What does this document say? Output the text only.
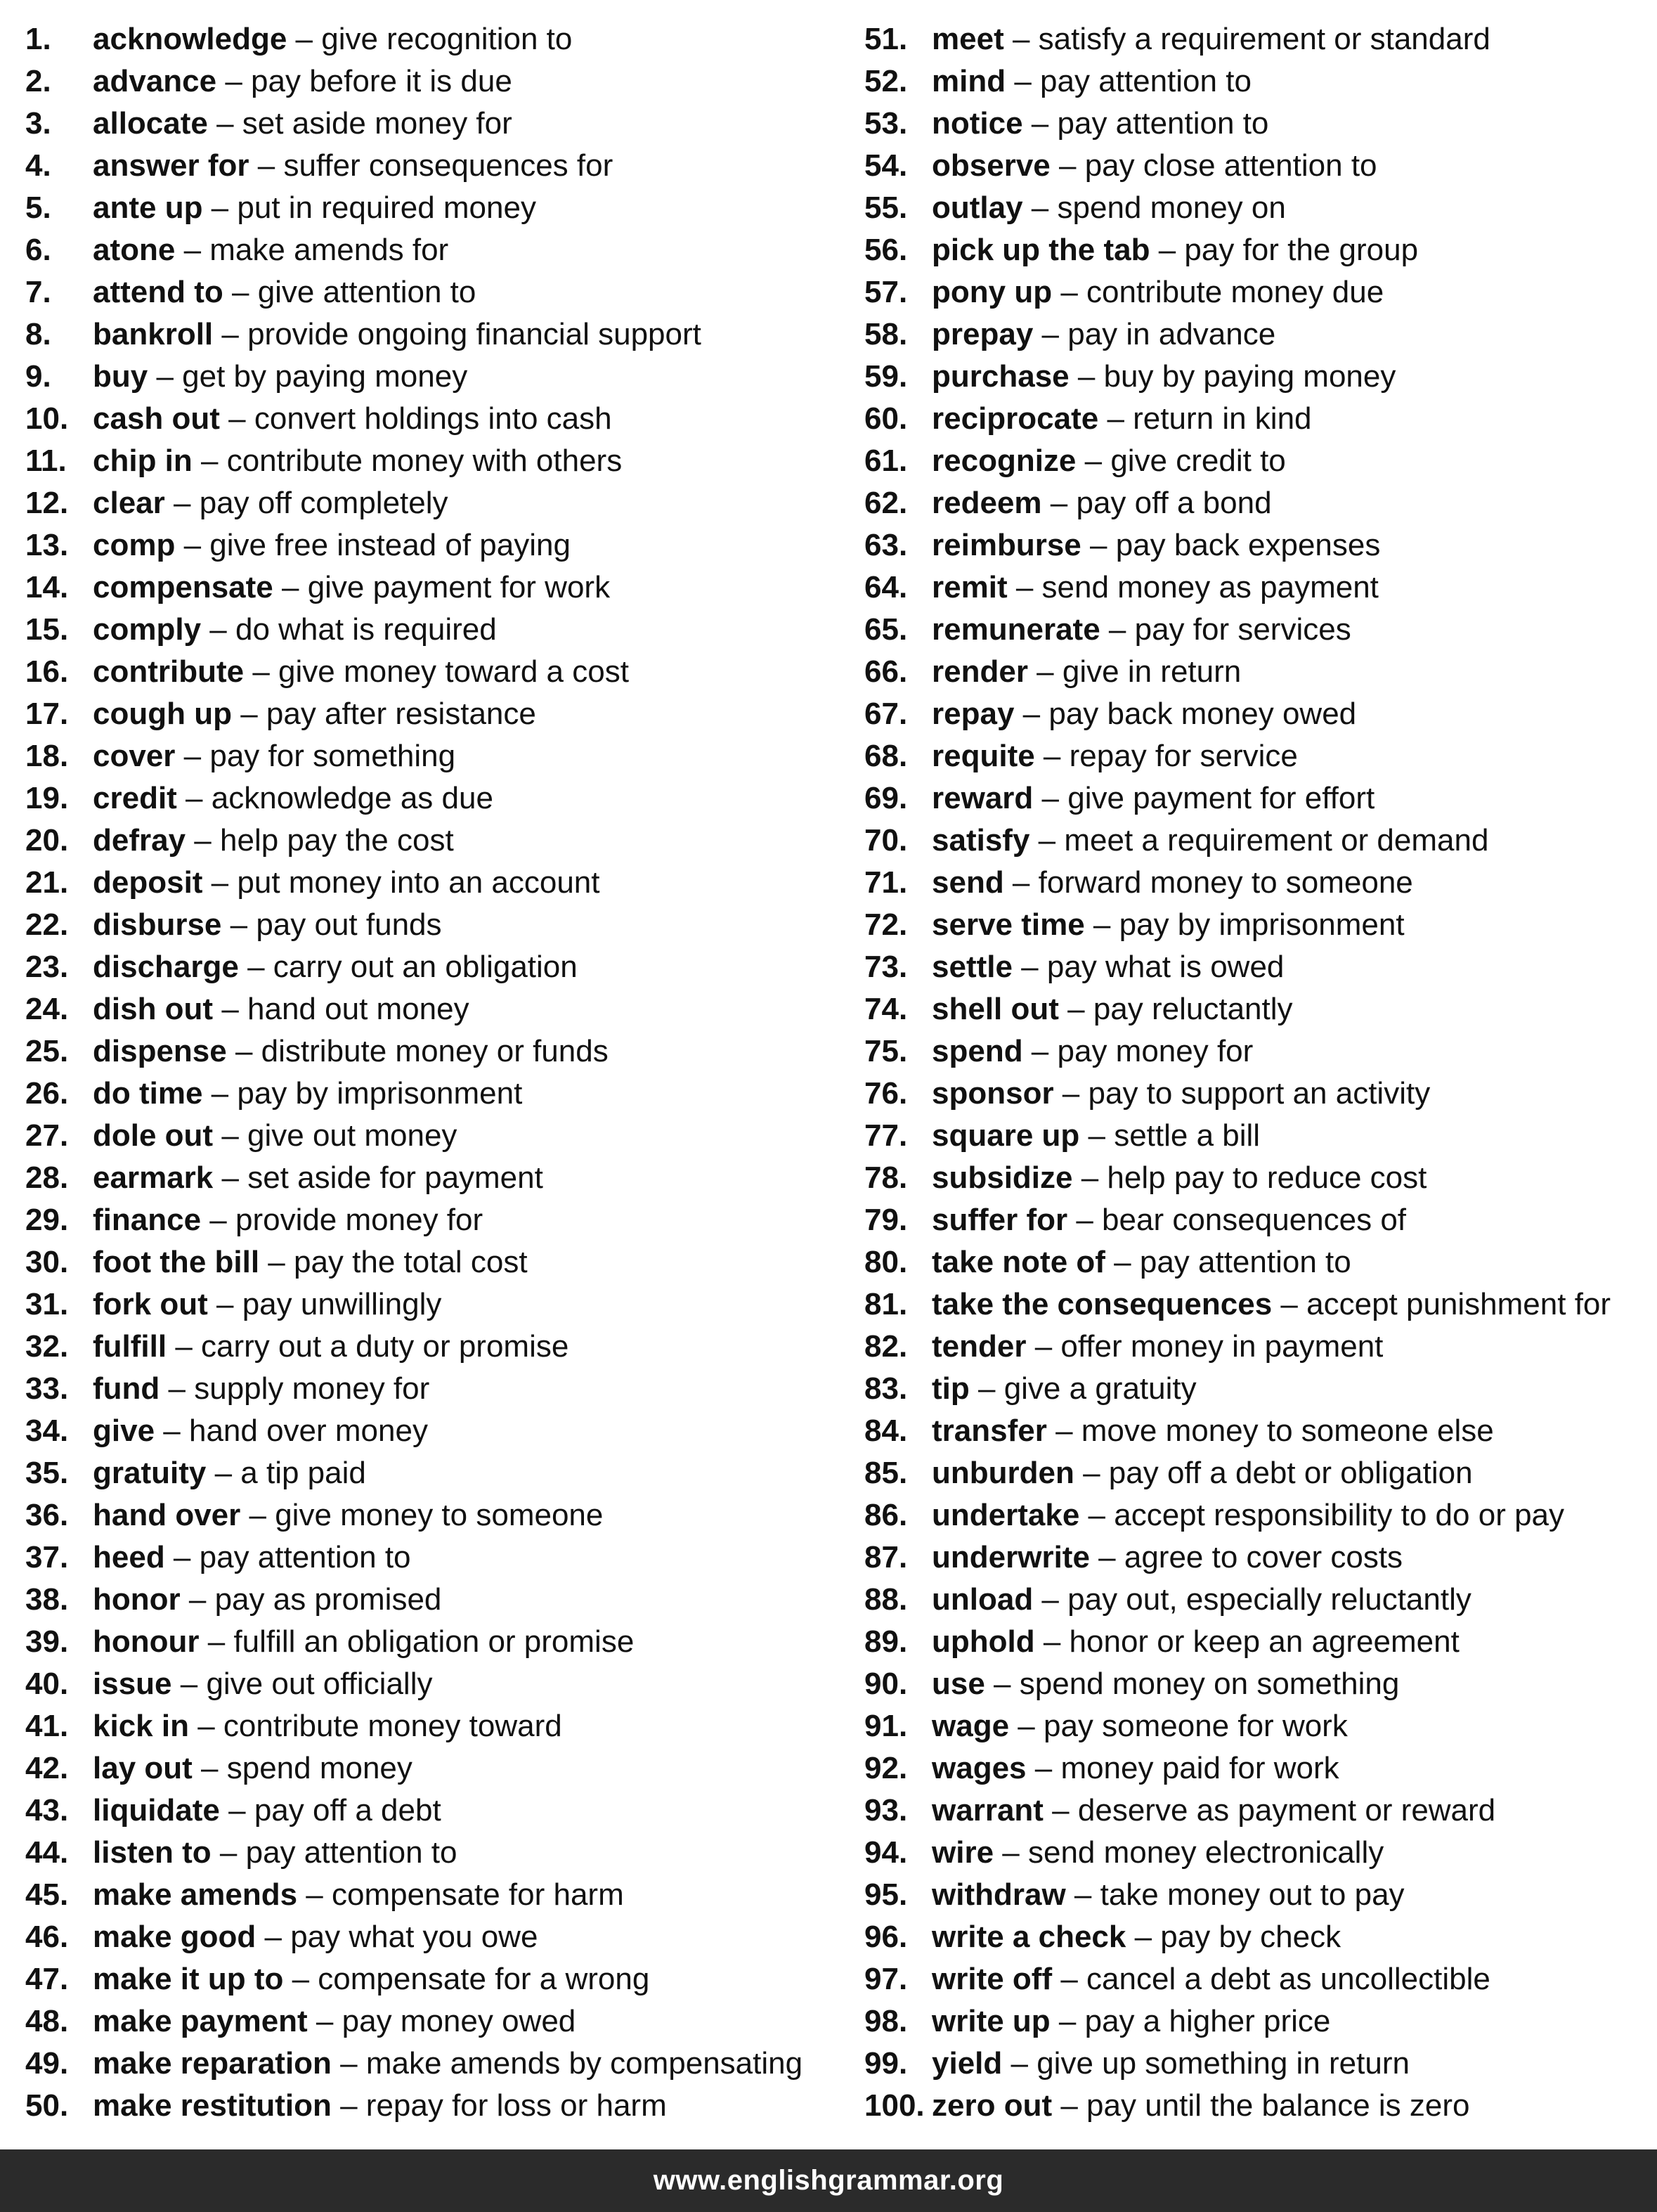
1. acknowledge – give recognition to
2. advance – pay before it is due
3. allocate – set aside money for
4. answer for – suffer consequences for
5. ante up – put in required money
6. atone – make amends for
7. attend to – give attention to
8. bankroll – provide ongoing financial support
9. buy – get by paying money
10. cash out – convert holdings into cash
11. chip in – contribute money with others
12. clear – pay off completely
13. comp – give free instead of paying
14. compensate – give payment for work
15. comply – do what is required
16. contribute – give money toward a cost
17. cough up – pay after resistance
18. cover – pay for something
19. credit – acknowledge as due
20. defray – help pay the cost
21. deposit – put money into an account
22. disburse – pay out funds
23. discharge – carry out an obligation
24. dish out – hand out money
25. dispense – distribute money or funds
26. do time – pay by imprisonment
27. dole out – give out money
28. earmark – set aside for payment
29. finance – provide money for
30. foot the bill – pay the total cost
31. fork out – pay unwillingly
32. fulfill – carry out a duty or promise
33. fund – supply money for
34. give – hand over money
35. gratuity – a tip paid
36. hand over – give money to someone
37. heed – pay attention to
38. honor – pay as promised
39. honour – fulfill an obligation or promise
40. issue – give out officially
41. kick in – contribute money toward
42. lay out – spend money
43. liquidate – pay off a debt
44. listen to – pay attention to
45. make amends – compensate for harm
46. make good – pay what you owe
47. make it up to – compensate for a wrong
48. make payment – pay money owed
49. make reparation – make amends by compensating
50. make restitution – repay for loss or harm
51. meet – satisfy a requirement or standard
52. mind – pay attention to
53. notice – pay attention to
54. observe – pay close attention to
55. outlay – spend money on
56. pick up the tab – pay for the group
57. pony up – contribute money due
58. prepay – pay in advance
59. purchase – buy by paying money
60. reciprocate – return in kind
61. recognize – give credit to
62. redeem – pay off a bond
63. reimburse – pay back expenses
64. remit – send money as payment
65. remunerate – pay for services
66. render – give in return
67. repay – pay back money owed
68. requite – repay for service
69. reward – give payment for effort
70. satisfy – meet a requirement or demand
71. send – forward money to someone
72. serve time – pay by imprisonment
73. settle – pay what is owed
74. shell out – pay reluctantly
75. spend – pay money for
76. sponsor – pay to support an activity
77. square up – settle a bill
78. subsidize – help pay to reduce cost
79. suffer for – bear consequences of
80. take note of – pay attention to
81. take the consequences – accept punishment for
82. tender – offer money in payment
83. tip – give a gratuity
84. transfer – move money to someone else
85. unburden – pay off a debt or obligation
86. undertake – accept responsibility to do or pay
87. underwrite – agree to cover costs
88. unload – pay out, especially reluctantly
89. uphold – honor or keep an agreement
90. use – spend money on something
91. wage – pay someone for work
92. wages – money paid for work
93. warrant – deserve as payment or reward
94. wire – send money electronically
95. withdraw – take money out to pay
96. write a check – pay by check
97. write off – cancel a debt as uncollectible
98. write up – pay a higher price
99. yield – give up something in return
100. zero out – pay until the balance is zero
www.englishgrammar.org
